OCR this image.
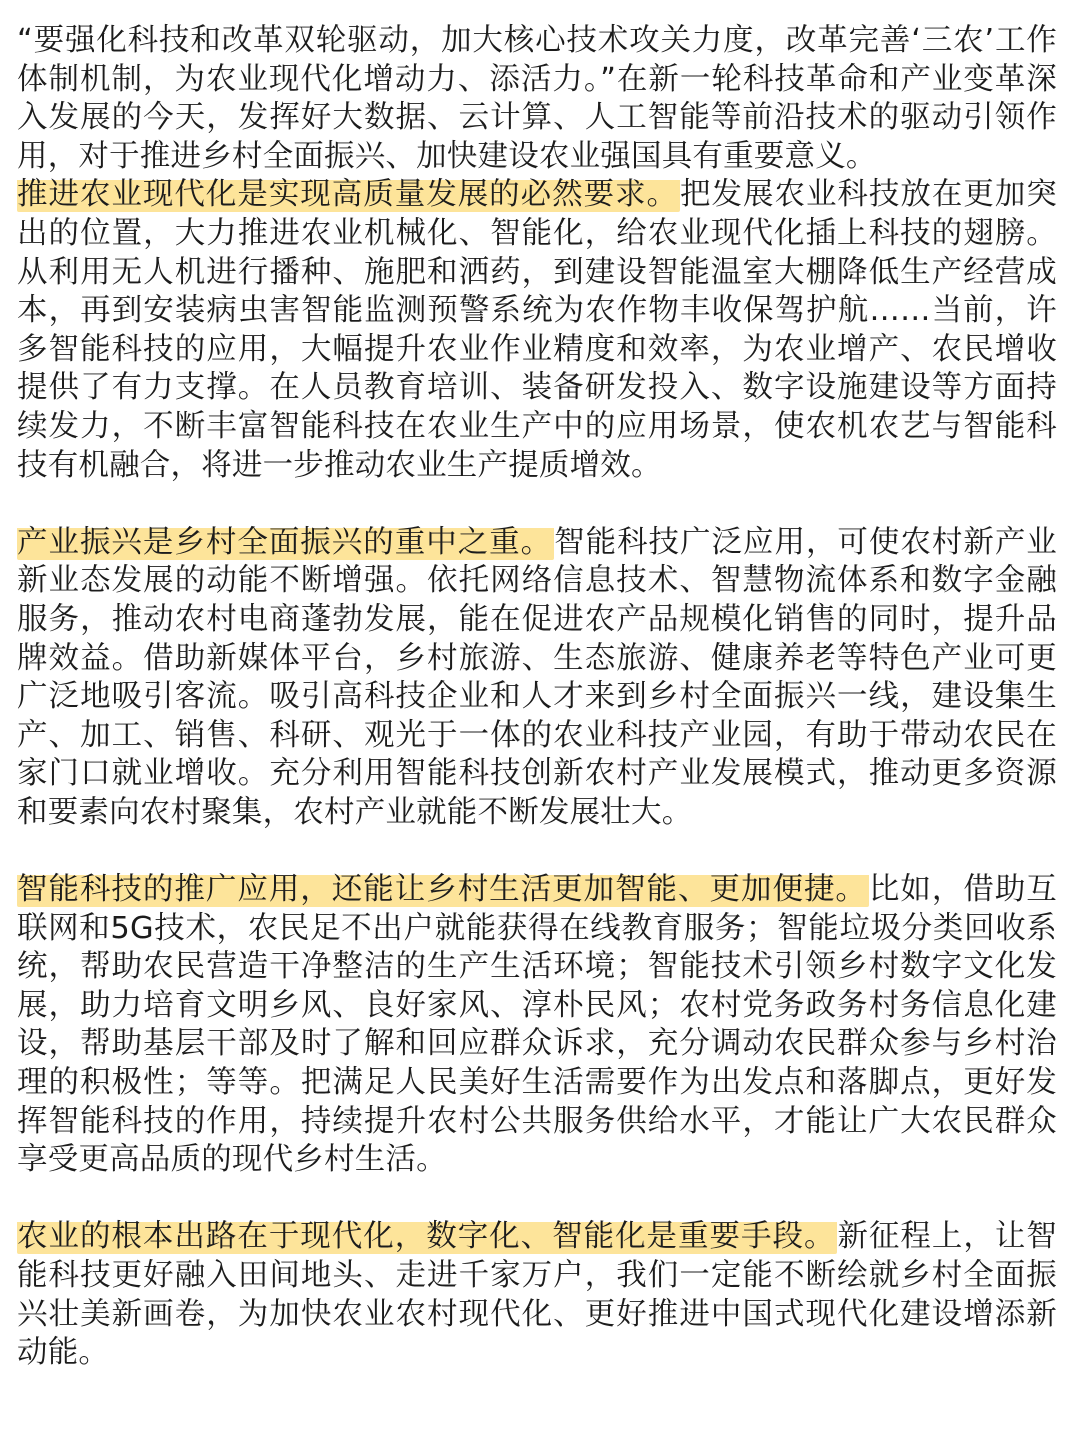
“要强化科技和改革双轮驱动，加大核心技术攻关力度，改革完善‘三农’工作体制机制，为农业现代化增动力、添活力。”在新一轮科技革命和产业变革深入发展的今天，发挥好大数据、云计算、人工智能等前沿技术的驱动引领作用，对于推进乡村全面振兴、加快建设农业强国具有重要意义。

推进农业现代化是实现高质量发展的必然要求。把发展农业科技放在更加突出的位置，大力推进农业机械化、智能化，给农业现代化插上科技的翅膀。从利用无人机进行播种、施肥和洒药，到建设智能温室大棚降低生产经营成本，再到安装病虫害智能监测预警系统为农作物丰收保驾护航……当前，许多智能科技的应用，大幅提升农业作业精度和效率，为农业增产、农民增收提供了有力支撑。在人员教育培训、装备研发投入、数字设施建设等方面持续发力，不断丰富智能科技在农业生产中的应用场景，使农机农艺与智能科技有机融合，将进一步推动农业生产提质增效。

产业振兴是乡村全面振兴的重中之重。智能科技广泛应用，可使农村新产业新业态发展的动能不断增强。依托网络信息技术、智慧物流体系和数字金融服务，推动农村电商蓬勃发展，能在促进农产品规模化销售的同时，提升品牌效益。借助新媒体平台，乡村旅游、生态旅游、健康养老等特色产业可更广泛地吸引客流。吸引高科技企业和人才来到乡村全面振兴一线，建设集生产、加工、销售、科研、观光于一体的农业科技产业园，有助于带动农民在家门口就业增收。充分利用智能科技创新农村产业发展模式，推动更多资源和要素向农村聚集，农村产业就能不断发展壮大。

智能科技的推广应用，还能让乡村生活更加智能、更加便捷。比如，借助互联网和5G技术，农民足不出户就能获得在线教育服务；智能垃圾分类回收系统，帮助农民营造干净整洁的生产生活环境；智能技术引领乡村数字文化发展，助力培育文明乡风、良好家风、淳朴民风；农村党务政务村务信息化建设，帮助基层干部及时了解和回应群众诉求，充分调动农民群众参与乡村治理的积极性；等等。把满足人民美好生活需要作为出发点和落脚点，更好发挥智能科技的作用，持续提升农村公共服务供给水平，才能让广大农民群众享受更高品质的现代乡村生活。

农业的根本出路在于现代化，数字化、智能化是重要手段。新征程上，让智能科技更好融入田间地头、走进千家万户，我们一定能不断绘就乡村全面振兴壮美新画卷，为加快农业农村现代化、更好推进中国式现代化建设增添新动能。
